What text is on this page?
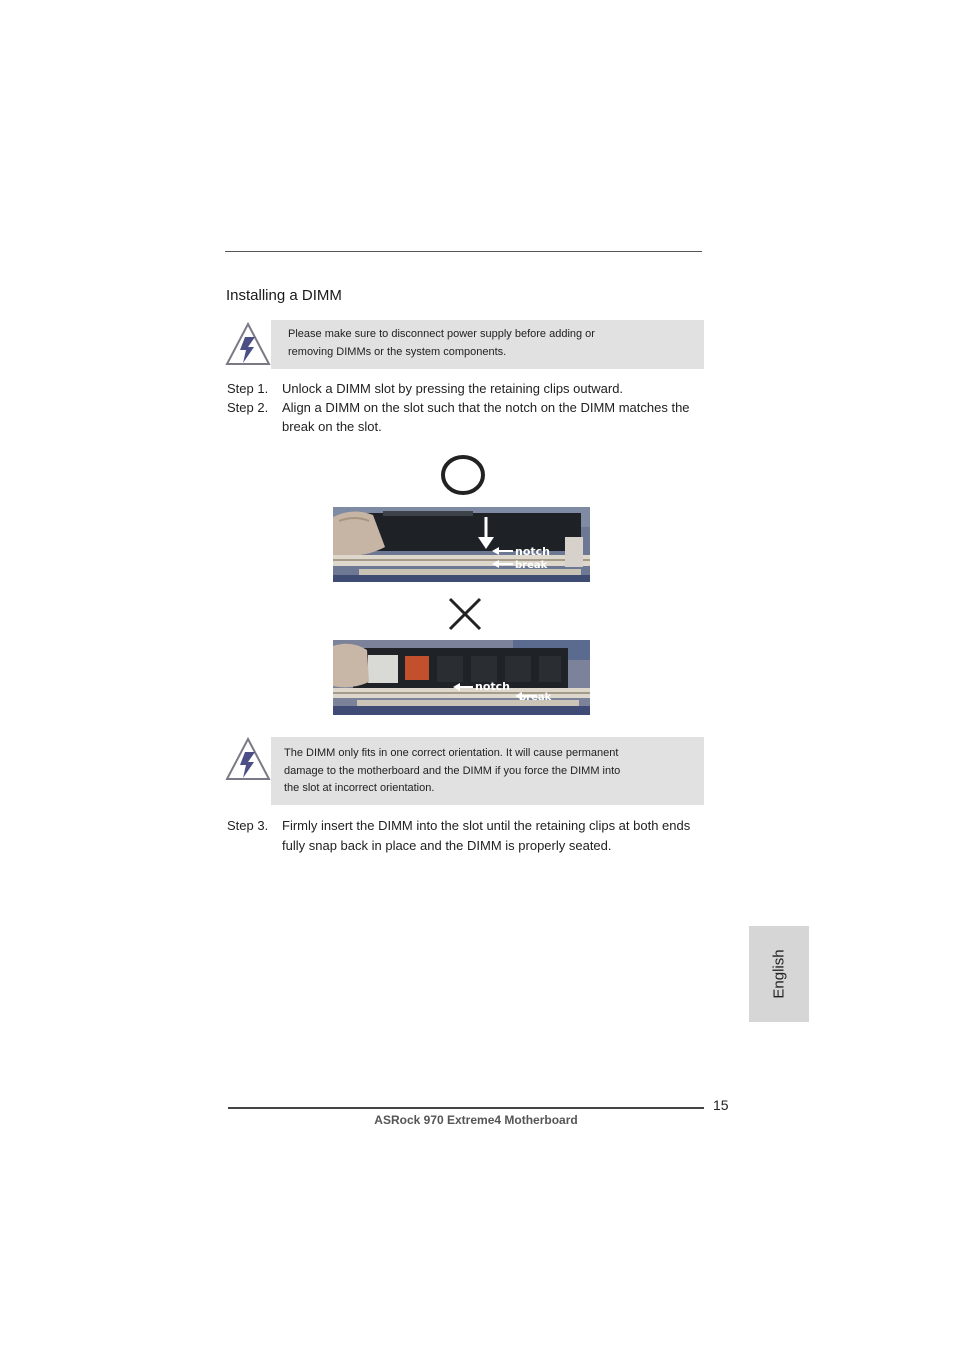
Installing a DIMM
Please make sure to disconnect power supply before adding or
removing DIMMs or the system components.
Step 1. Unlock a DIMM slot by pressing the retaining clips outward.
Step 2. Align a DIMM on the slot such that the notch on the DIMM matches the break on the slot.
notch
break
notch
break
The DIMM only fits in one correct orientation. It will cause permanent
damage to the motherboard and the DIMM if you force the DIMM into
the slot at incorrect orientation.
Step 3. Firmly insert the DIMM into the slot until the retaining clips at both ends fully snap back in place and the DIMM is properly seated.
English
15
ASRock 970 Extreme4 Motherboard
